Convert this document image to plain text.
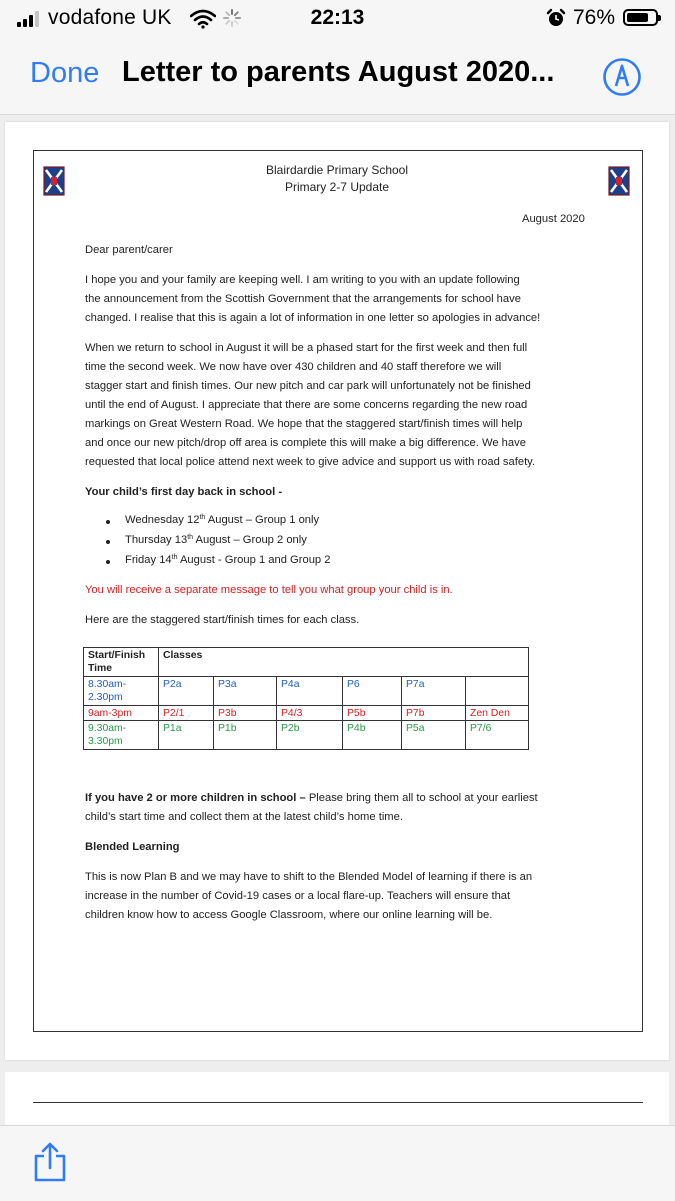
vodafone UK	22:13	76%
Done Letter to parents August 2020...
Blairdardie Primary School
Primary 2-7 Update
August 2020
Dear parent/carer
I hope you and your family are keeping well. I am writing to you with an update following
the announcement from the Scottish Government that the arrangements for school have
changed. I realise that this is again a lot of information in one letter so apologies in advance!
When we return to school in August it will be a phased start for the first week and then full
time the second week. We now have over 430 children and 40 staff therefore we will
stagger start and finish times. Our new pitch and car park will unfortunately not be finished
until the end of August. I appreciate that there are some concerns regarding the new road
markings on Great Western Road. We hope that the staggered start/finish times will help
and once our new pitch/drop off area is complete this will make a big difference. We have
requested that local police attend next week to give advice and support us with road safety.
Your child’s first day back in school -
Wednesday 12th August – Group 1 only
Thursday 13th August – Group 2 only
Friday 14th August - Group 1 and Group 2
You will receive a separate message to tell you what group your child is in.
Here are the staggered start/finish times for each class.
Start/Finish Time	Classes					
8.30am- 2.30pm	P2a	P3a	P4a	P6	P7a	
9am-3pm	P2/1	P3b	P4/3	P5b	P7b	Zen Den
9.30am- 3.30pm	P1a	P1b	P2b	P4b	P5a	P7/6
If you have 2 or more children in school – Please bring them all to school at your earliest
child’s start time and collect them at the latest child’s home time.
Blended Learning
This is now Plan B and we may have to shift to the Blended Model of learning if there is an
increase in the number of Covid-19 cases or a local flare-up. Teachers will ensure that
children know how to access Google Classroom, where our online learning will be.
